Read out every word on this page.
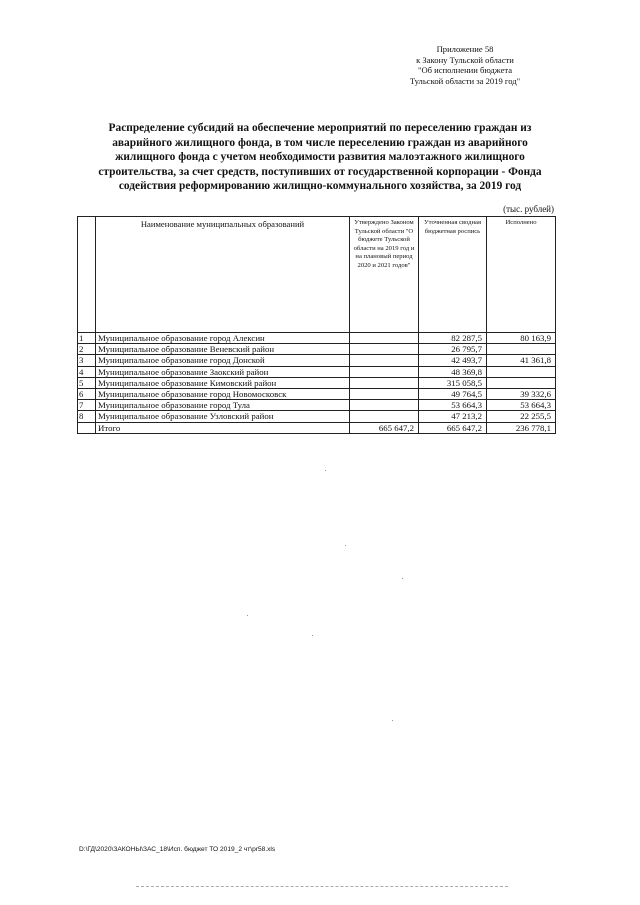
Приложение 58
к Закону Тульской области
"Об исполнении бюджета
Тульской области за 2019 год"
Распределение субсидий на обеспечение мероприятий по переселению граждан из аварийного жилищного фонда, в том числе переселению граждан из аварийного жилищного фонда с учетом необходимости развития малоэтажного жилищного строительства, за счет средств, поступивших от государственной корпорации - Фонда содействия реформированию жилищно-коммунального хозяйства, за 2019 год
(тыс. рублей)
	Наименование муниципальных образований	Утверждено Законом Тульской области "О бюджете Тульской области на 2019 год и на плановый период 2020 и 2021 годов"	Уточненная сводная бюджетная роспись	Исполнено
1	Муниципальное образование город Алексин		82 287,5	80 163,9
2	Муниципальное образование Веневский район		26 795,7	
3	Муниципальное образование город Донской		42 493,7	41 361,8
4	Муниципальное образование Заокский район		48 369,8	
5	Муниципальное образование Кимовский район		315 058,5	
6	Муниципальное образование город Новомосковск		49 764,5	39 332,6
7	Муниципальное образование город Тула		53 664,3	53 664,3
8	Муниципальное образование Узловский район		47 213,2	22 255,5
	Итого	665 647,2	665 647,2	236 778,1
D:\ГД\2020\ЗАКОНЫ\ЗАС_18\Исп. бюджет ТО 2019_2 чт\pr58.xls
